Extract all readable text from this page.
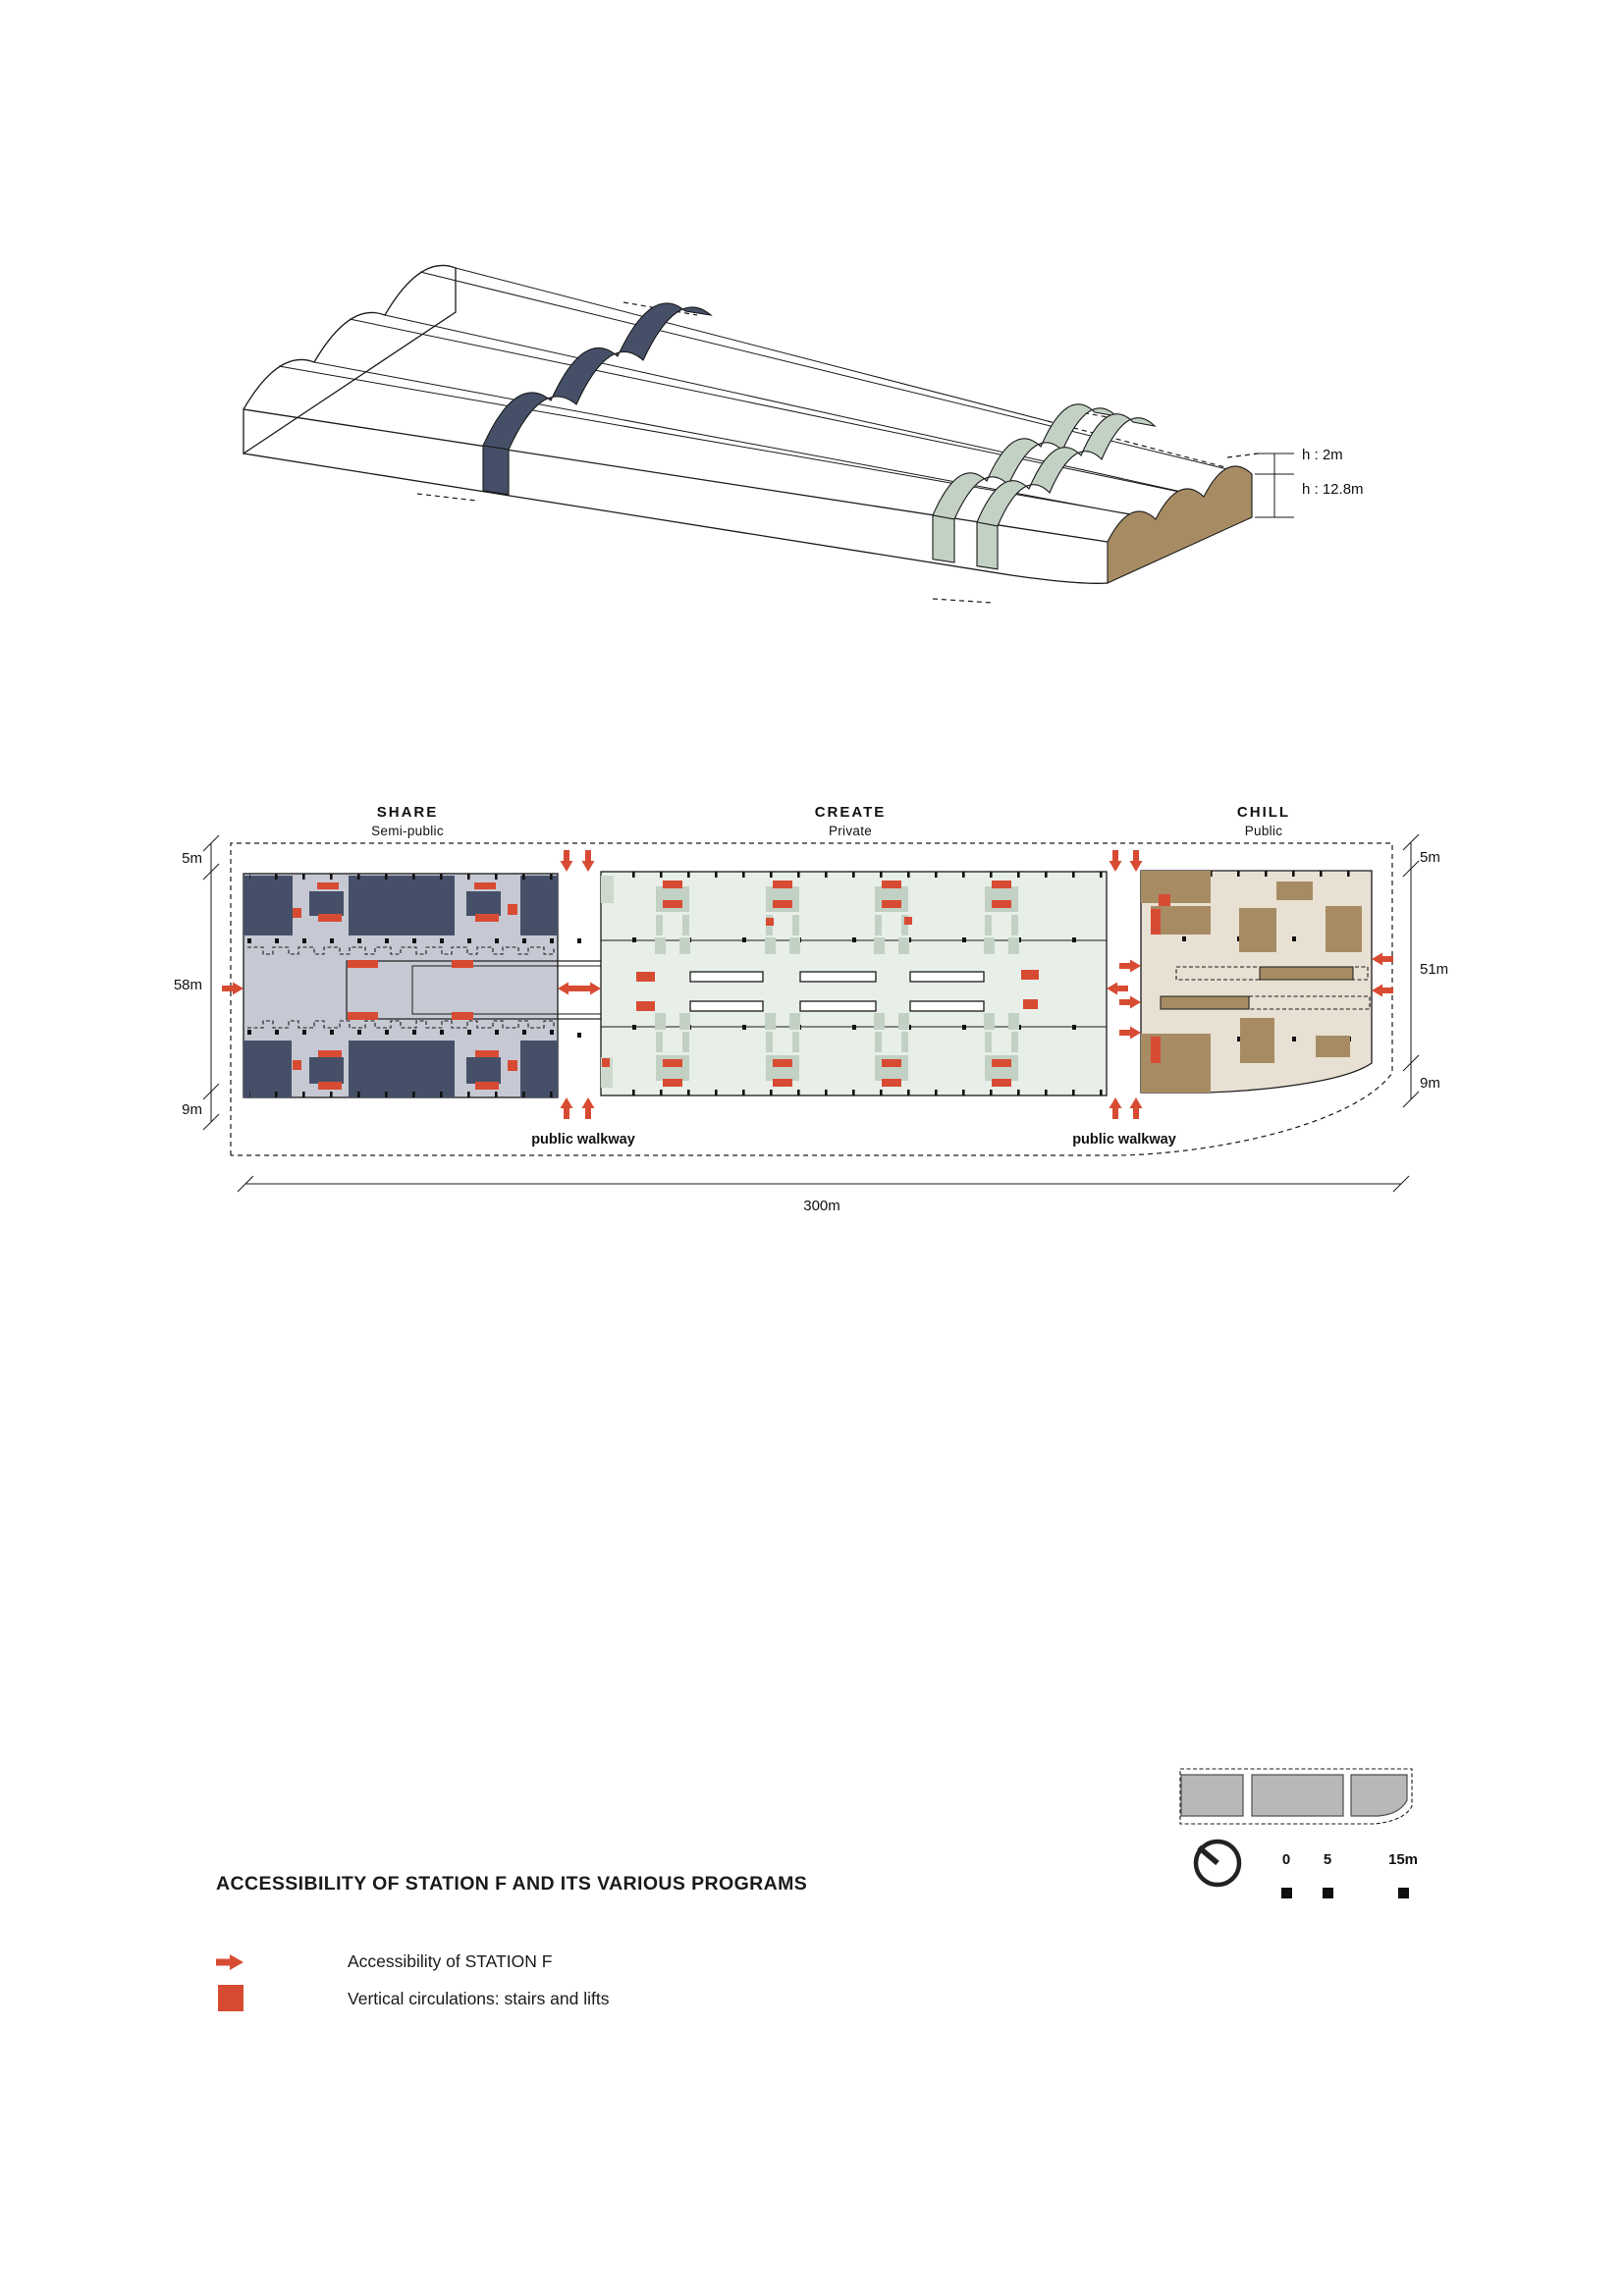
h : 2m
h : 12.8m
SHARE
Semi-public
CREATE
Private
CHILL
Public
5m
58m
9m
5m
51m
9m
300m
public walkway	public walkway
0 5	15m
ACCESSIBILITY OF STATION F AND ITS VARIOUS PROGRAMS
Accessibility of STATION F
Vertical circulations: stairs and lifts
